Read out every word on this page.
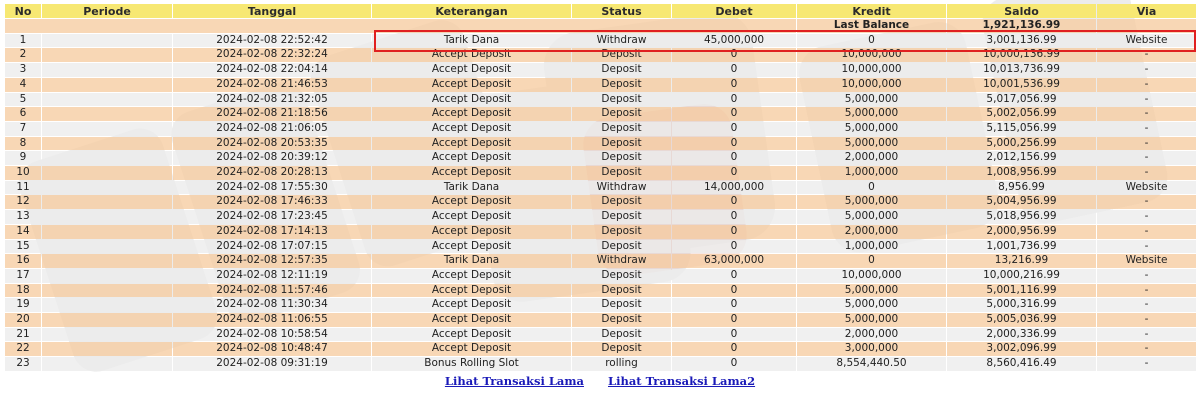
No	Periode	Tanggal	Keterangan	Status	Debet	Kredit	Saldo	Via
						Last Balance	1,921,136.99	
1		2024-02-08 22:52:42	Tarik Dana	Withdraw	45,000,000	0	3,001,136.99	Website
2		2024-02-08 22:32:24	Accept Deposit	Deposit	0	10,000,000	10,000,136.99	-
3		2024-02-08 22:04:14	Accept Deposit	Deposit	0	10,000,000	10,013,736.99	-
4		2024-02-08 21:46:53	Accept Deposit	Deposit	0	10,000,000	10,001,536.99	-
5		2024-02-08 21:32:05	Accept Deposit	Deposit	0	5,000,000	5,017,056.99	-
6		2024-02-08 21:18:56	Accept Deposit	Deposit	0	5,000,000	5,002,056.99	-
7		2024-02-08 21:06:05	Accept Deposit	Deposit	0	5,000,000	5,115,056.99	-
8		2024-02-08 20:53:35	Accept Deposit	Deposit	0	5,000,000	5,000,256.99	-
9		2024-02-08 20:39:12	Accept Deposit	Deposit	0	2,000,000	2,012,156.99	-
10		2024-02-08 20:28:13	Accept Deposit	Deposit	0	1,000,000	1,008,956.99	-
11		2024-02-08 17:55:30	Tarik Dana	Withdraw	14,000,000	0	8,956.99	Website
12		2024-02-08 17:46:33	Accept Deposit	Deposit	0	5,000,000	5,004,956.99	-
13		2024-02-08 17:23:45	Accept Deposit	Deposit	0	5,000,000	5,018,956.99	-
14		2024-02-08 17:14:13	Accept Deposit	Deposit	0	2,000,000	2,000,956.99	-
15		2024-02-08 17:07:15	Accept Deposit	Deposit	0	1,000,000	1,001,736.99	-
16		2024-02-08 12:57:35	Tarik Dana	Withdraw	63,000,000	0	13,216.99	Website
17		2024-02-08 12:11:19	Accept Deposit	Deposit	0	10,000,000	10,000,216.99	-
18		2024-02-08 11:57:46	Accept Deposit	Deposit	0	5,000,000	5,001,116.99	-
19		2024-02-08 11:30:34	Accept Deposit	Deposit	0	5,000,000	5,000,316.99	-
20		2024-02-08 11:06:55	Accept Deposit	Deposit	0	5,000,000	5,005,036.99	-
21		2024-02-08 10:58:54	Accept Deposit	Deposit	0	2,000,000	2,000,336.99	-
22		2024-02-08 10:48:47	Accept Deposit	Deposit	0	3,000,000	3,002,096.99	-
23		2024-02-08 09:31:19	Bonus Rolling Slot	rolling	0	8,554,440.50	8,560,416.49	-
Lihat Transaksi Lama Lihat Transaksi Lama2
